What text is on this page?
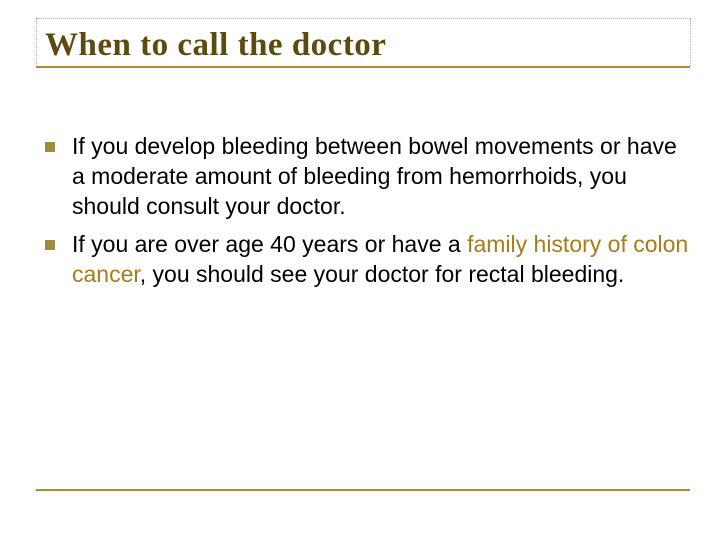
When to call the doctor
If you develop bleeding between bowel movements or have a moderate amount of bleeding from hemorrhoids, you should consult your doctor.
If you are over age 40 years or have a family history of colon cancer, you should see your doctor for rectal bleeding.
